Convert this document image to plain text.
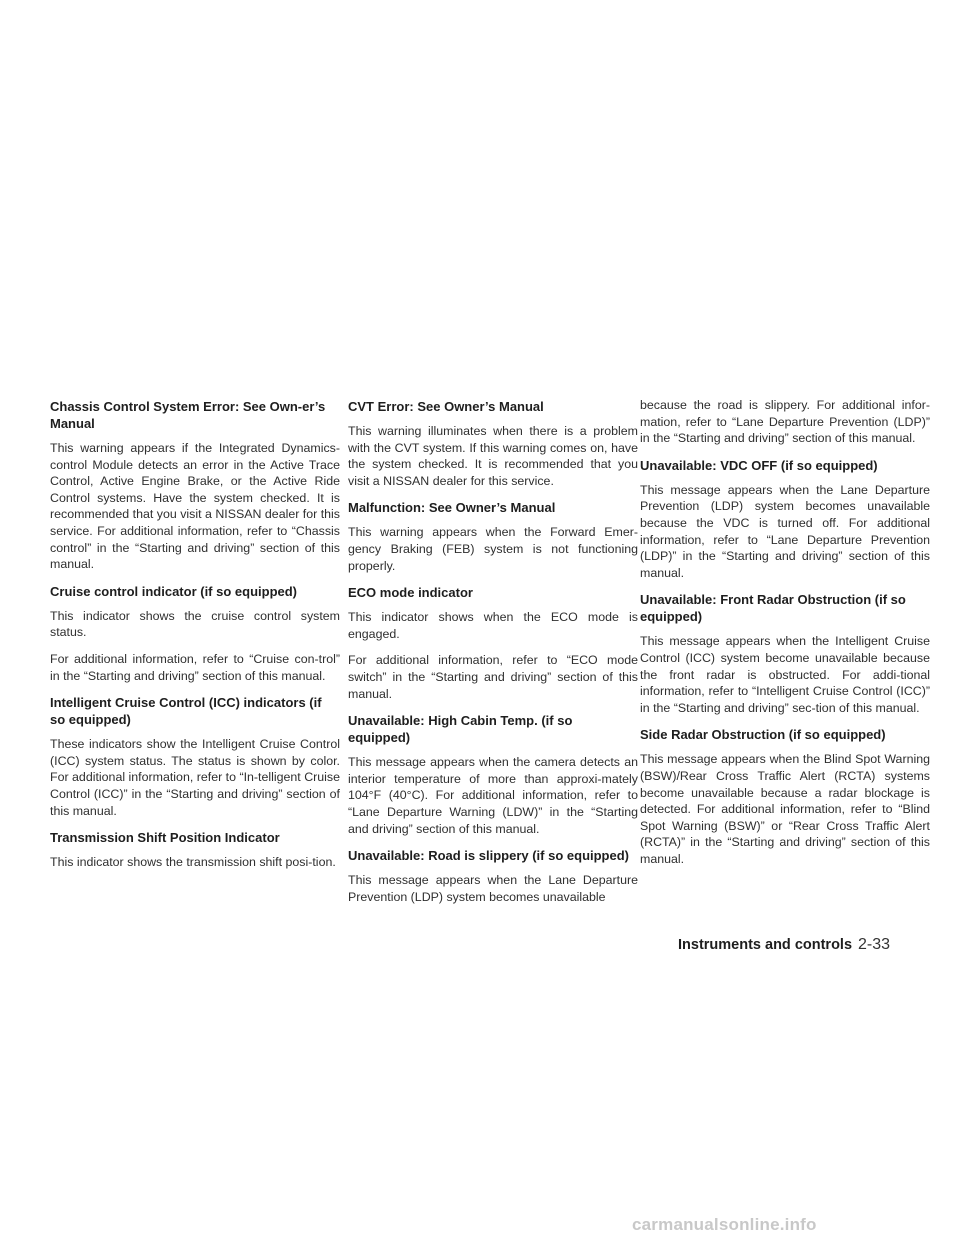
Chassis Control System Error: See Own-er’s Manual
This warning appears if the Integrated Dynamics-control Module detects an error in the Active Trace Control, Active Engine Brake, or the Active Ride Control systems. Have the system checked. It is recommended that you visit a NISSAN dealer for this service. For additional information, refer to “Chassis control” in the “Starting and driving” section of this manual.
Cruise control indicator (if so equipped)
This indicator shows the cruise control system status.
For additional information, refer to “Cruise con-trol” in the “Starting and driving” section of this manual.
Intelligent Cruise Control (ICC) indicators (if so equipped)
These indicators show the Intelligent Cruise Control (ICC) system status. The status is shown by color. For additional information, refer to “In-telligent Cruise Control (ICC)” in the “Starting and driving” section of this manual.
Transmission Shift Position Indicator
This indicator shows the transmission shift posi-tion.
CVT Error: See Owner’s Manual
This warning illuminates when there is a problem with the CVT system. If this warning comes on, have the system checked. It is recommended that you visit a NISSAN dealer for this service.
Malfunction: See Owner’s Manual
This warning appears when the Forward Emer-gency Braking (FEB) system is not functioning properly.
ECO mode indicator
This indicator shows when the ECO mode is engaged.
For additional information, refer to “ECO mode switch” in the “Starting and driving” section of this manual.
Unavailable: High Cabin Temp. (if so equipped)
This message appears when the camera detects an interior temperature of more than approxi-mately 104°F (40°C). For additional information, refer to “Lane Departure Warning (LDW)” in the “Starting and driving” section of this manual.
Unavailable: Road is slippery (if so equipped)
This message appears when the Lane Departure Prevention (LDP) system becomes unavailable
because the road is slippery. For additional infor-mation, refer to “Lane Departure Prevention (LDP)” in the “Starting and driving” section of this manual.
Unavailable: VDC OFF (if so equipped)
This message appears when the Lane Departure Prevention (LDP) system becomes unavailable because the VDC is turned off. For additional information, refer to “Lane Departure Prevention (LDP)” in the “Starting and driving” section of this manual.
Unavailable: Front Radar Obstruction (if so equipped)
This message appears when the Intelligent Cruise Control (ICC) system become unavailable because the front radar is obstructed. For addi-tional information, refer to “Intelligent Cruise Control (ICC)” in the “Starting and driving” sec-tion of this manual.
Side Radar Obstruction (if so equipped)
This message appears when the Blind Spot Warning (BSW)/Rear Cross Traffic Alert (RCTA) systems become unavailable because a radar blockage is detected. For additional information, refer to “Blind Spot Warning (BSW)” or “Rear Cross Traffic Alert (RCTA)” in the “Starting and driving” section of this manual.
Instruments and controls 2-33
carmanualsonline.info
